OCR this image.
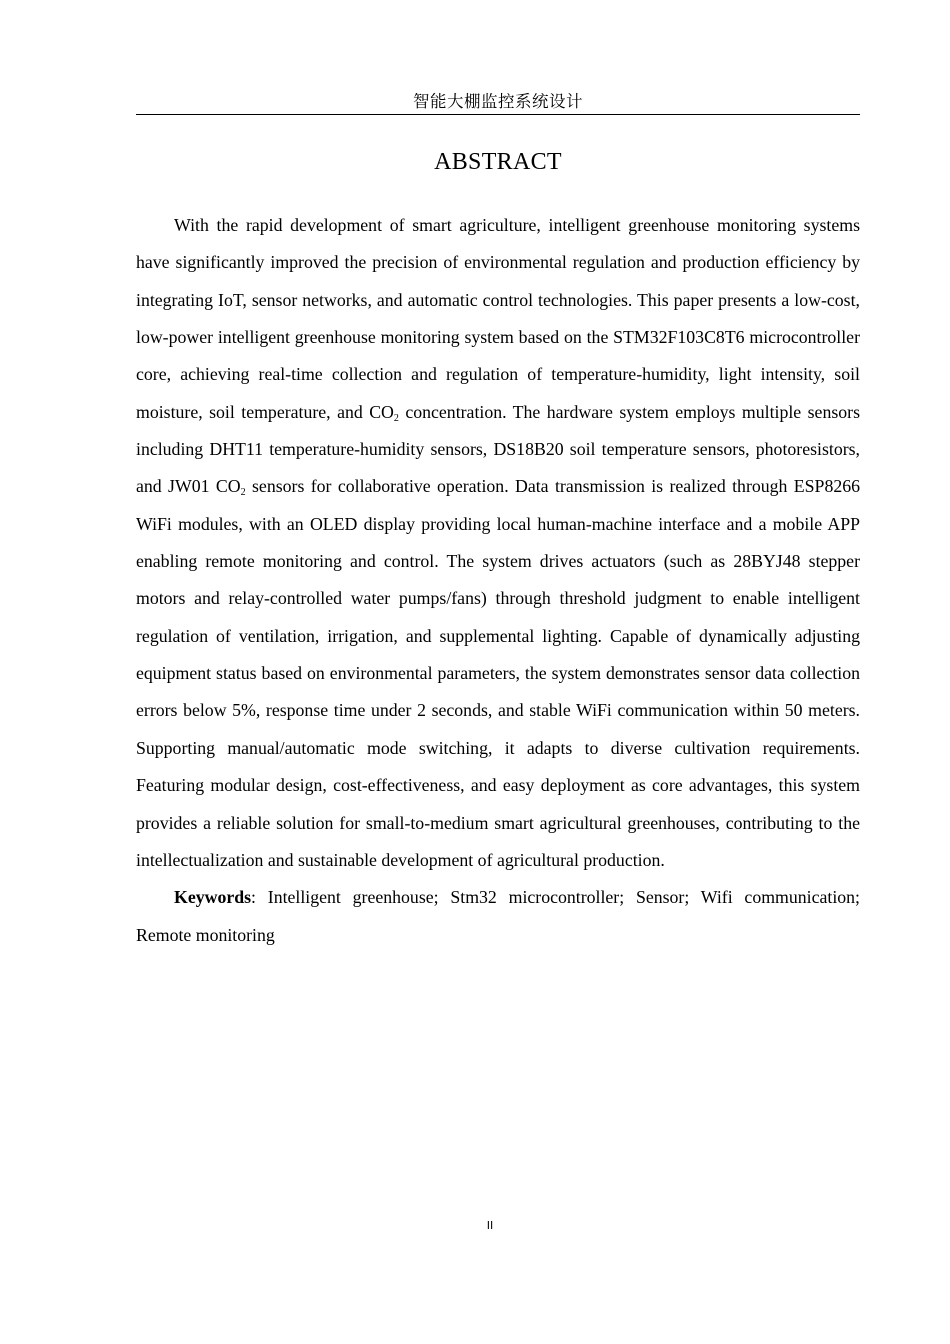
智能大棚监控系统设计
ABSTRACT

With the rapid development of smart agriculture, intelligent greenhouse monitoring systems have significantly improved the precision of environmental regulation and production efficiency by integrating IoT, sensor networks, and automatic control technologies. This paper presents a low-cost, low-power intelligent greenhouse monitoring system based on the STM32F103C8T6 microcontroller core, achieving real-time collection and regulation of temperature-humidity, light intensity, soil moisture, soil temperature, and $CO_2$ concentration. The hardware system employs multiple sensors including DHT11 temperature-humidity sensors, DS18B20 soil temperature sensors, photoresistors, and JW01 $CO_2$ sensors for collaborative operation. Data transmission is realized through ESP8266 WiFi modules, with an OLED display providing local human-machine interface and a mobile APP enabling remote monitoring and control. The system drives actuators (such as 28BYJ48 stepper motors and relay-controlled water pumps/fans) through threshold judgment to enable intelligent regulation of ventilation, irrigation, and supplemental lighting. Capable of dynamically adjusting equipment status based on environmental parameters, the system demonstrates sensor data collection errors below 5%, response time under 2 seconds, and stable WiFi communication within 50 meters. Supporting manual/automatic mode switching, it adapts to diverse cultivation requirements. Featuring modular design, cost-effectiveness, and easy deployment as core advantages, this system provides a reliable solution for small-to-medium smart agricultural greenhouses, contributing to the intellectualization and sustainable development of agricultural production.

Keywords: Intelligent greenhouse; Stm32 microcontroller; Sensor; Wifi communication; Remote monitoring

II
